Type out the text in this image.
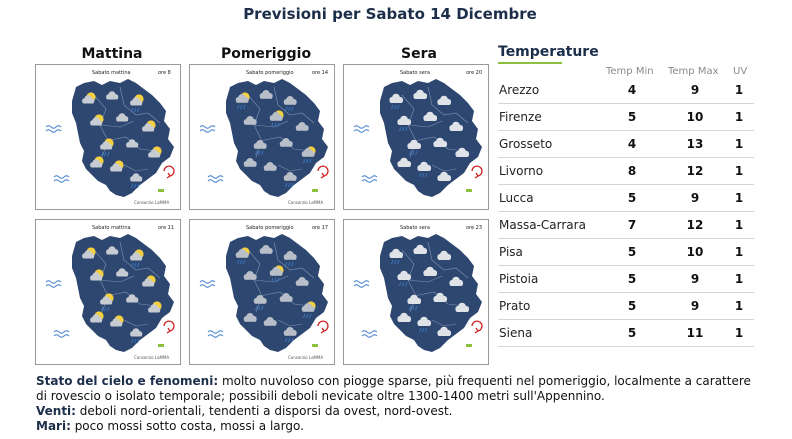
Previsioni per Sabato 14 Dicembre
Mattina	Pomeriggio	Sera
Sabato mattina	ore 8
Consorzio LaMMA
Sabato pomeriggio	ore 14
Consorzio LaMMA
Sabato sera	ore 20
Sabato mattina	ore 11
Consorzio LaMMA
Sabato pomeriggio	ore 17
Consorzio LaMMA
Sabato sera	ore 23
Temperature
Temp Min Temp Max UV
Arezzo	4	9	1
Firenze	5	10	1
Grosseto	4	13	1
Livorno	8	12	1
Lucca	5	9	1
Massa-Carrara	7	12	1
Pisa	5	10	1
Pistoia	5	9	1
Prato	5	9	1
Siena	5	11	1

Stato del cielo e fenomeni: molto nuvoloso con piogge sparse, più frequenti nel pomeriggio, localmente a carattere di rovescio o isolato temporale; possibili deboli nevicate oltre 1300-1400 metri sull'Appennino.

Venti: deboli nord-orientali, tendenti a disporsi da ovest, nord-ovest.

Mari: poco mossi sotto costa, mossi a largo.
